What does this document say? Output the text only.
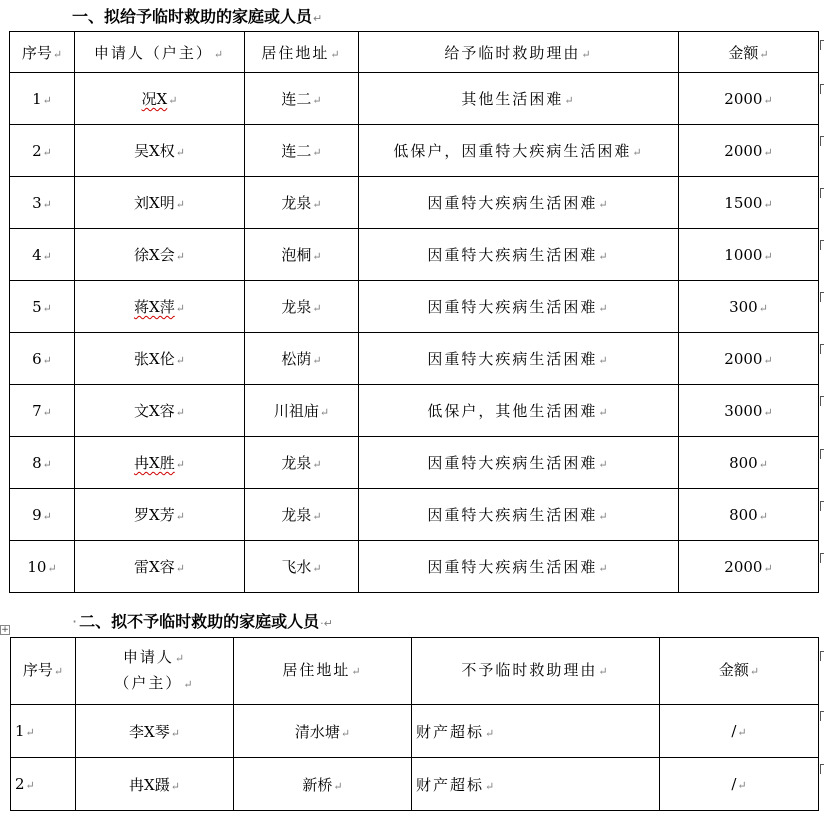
一、拟给予临时救助的家庭或人员↵
序号↵	申请人（户主）↵	居住地址↵	给予临时救助理由↵	金额↵
1↵	况X↵	连二↵	其他生活困难↵	2000↵
2↵	吴X权↵	连二↵	低保户，因重特大疾病生活困难↵	2000↵
3↵	刘X明↵	龙泉↵	因重特大疾病生活困难↵	1500↵
4↵	徐X会↵	泡桐↵	因重特大疾病生活困难↵	1000↵
5↵	蒋X萍↵	龙泉↵	因重特大疾病生活困难↵	300↵
6↵	张X伦↵	松荫↵	因重特大疾病生活困难↵	2000↵
7↵	文X容↵	川祖庙↵	低保户，其他生活困难↵	3000↵
8↵	冉X胜↵	龙泉↵	因重特大疾病生活困难↵	800↵
9↵	罗X芳↵	龙泉↵	因重特大疾病生活困难↵	800↵
10↵	雷X容↵	飞水↵	因重特大疾病生活困难↵	2000↵
+	· 二、拟不予临时救助的家庭或人员·↵
序号↵	申请人↵
（户主）↵	居住地址↵	不予临时救助理由↵	金额↵
1↵	李X琴↵	清水塘↵	财产超标↵	/↵
2↵	冉X蹑↵	新桥↵	财产超标↵	/↵
